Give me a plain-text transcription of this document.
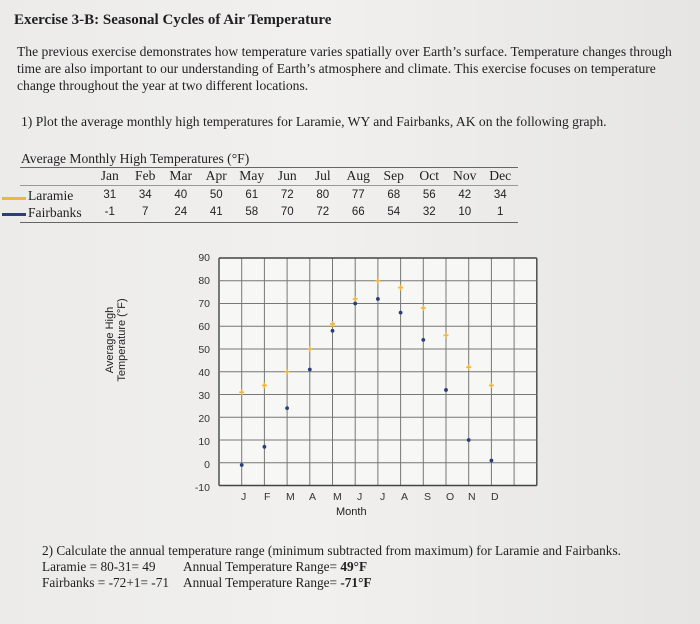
Exercise 3-B: Seasonal Cycles of Air Temperature
The previous exercise demonstrates how temperature varies spatially over Earth’s surface. Temperature changes through time are also important to our understanding of Earth’s atmosphere and climate. This exercise focuses on temperature change throughout the year at two different locations.
1) Plot the average monthly high temperatures for Laramie, WY and Fairbanks, AK on the following graph.
Average Monthly High Temperatures (°F)
Jan	Feb	Mar Apr May Jun	Jul	Aug Sep	Oct	Nov Dec
Laramie	31	34	40	50	61	72	80	77	68	56	42	34
Fairbanks	-1	7	24	41	58	70	72	66	54	32	10	1
Average High Temperature (°F)
90
80
70
60
50
40
30
20
10
0
-10
J F M A M J J A S O N D
Month
2) Calculate the annual temperature range (minimum subtracted from maximum) for Laramie and Fairbanks.
Laramie = 80-31= 49 Annual Temperature Range= 49°F
Fairbanks = -72+1= -71 Annual Temperature Range= -71°F
